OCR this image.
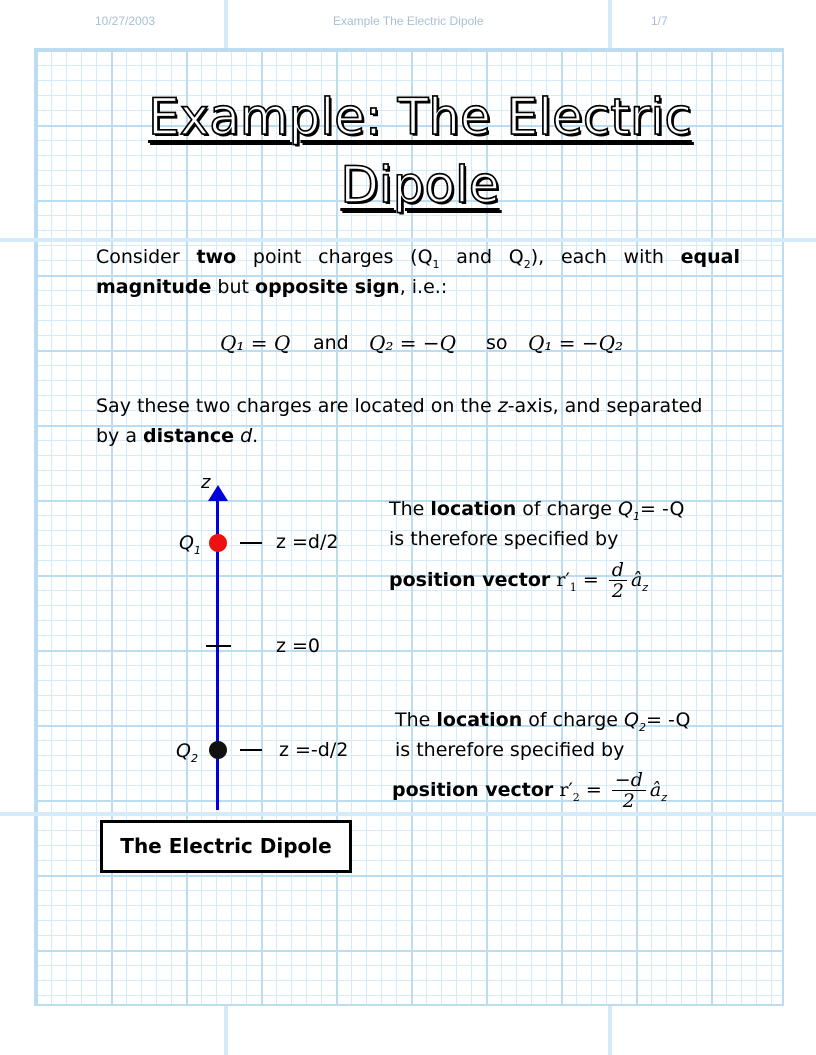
10/27/2003	Example The Electric Dipole	1/7
Example: The Electric
Dipole
Consider two point charges ($Q_1$ and $Q_2$), each with equal
magnitude but opposite sign, i.e.:
Q₁ = Q and Q₂ = −Q so Q₁ = −Q₂
Say these two charges are located on the z-axis, and separated
by a distance d.
z
$Q_1$	z =d/2
z =0
$Q_2$	z =-d/2
The location of charge $Q_1= -Q$
is therefore specified by
position vector $r'_1 = \frac{d}{2}$ $â_z$
The location of charge $Q_2= -Q$
is therefore specified by
position vector $r'_2 = \frac{-d}{2}$ $â_z$
The Electric Dipole
